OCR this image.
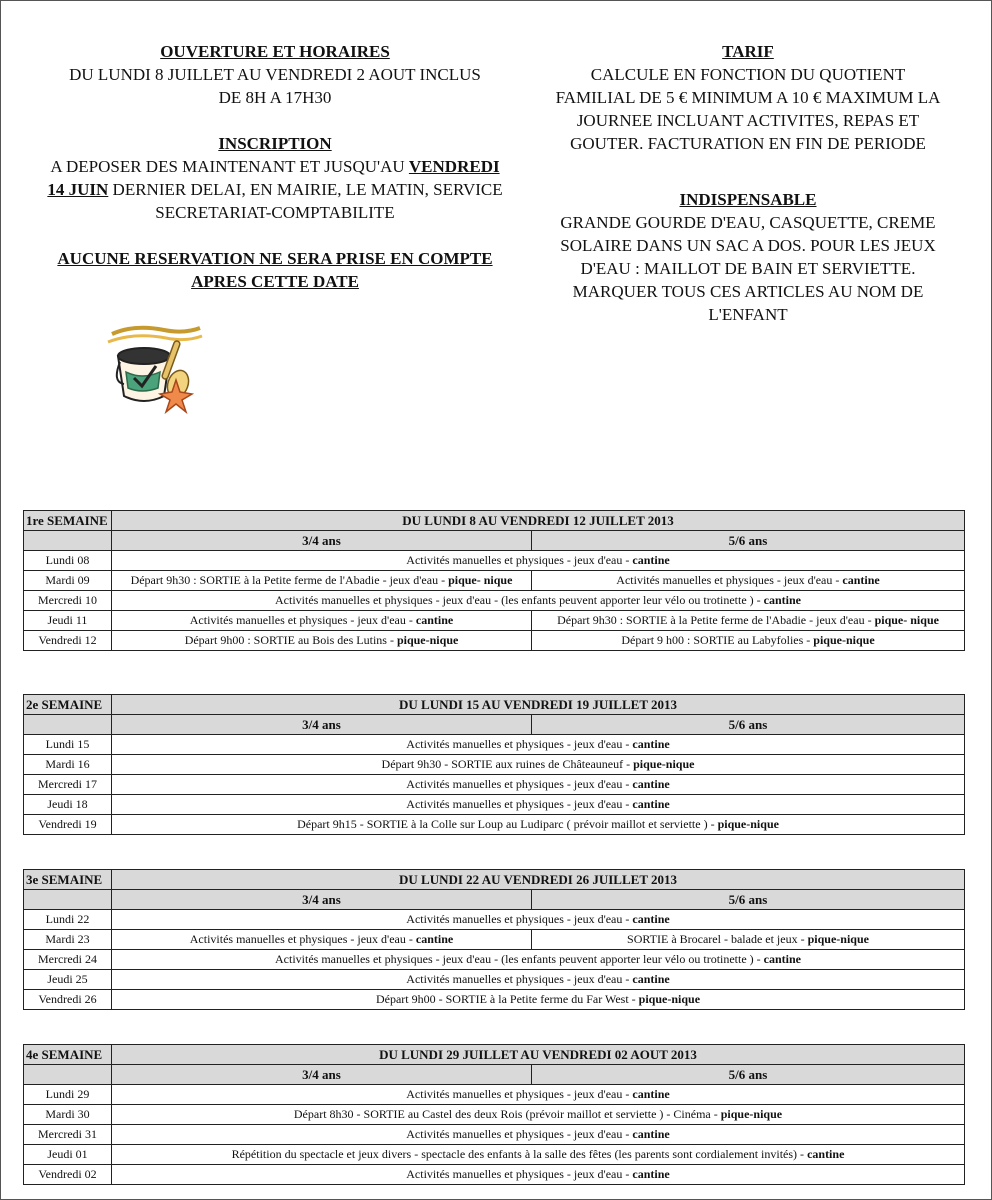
OUVERTURE ET HORAIRES
DU LUNDI 8 JUILLET AU VENDREDI 2 AOUT INCLUS
DE 8H A 17H30
INSCRIPTION
A DEPOSER DES MAINTENANT ET JUSQU'AU VENDREDI
14 JUIN DERNIER DELAI, EN MAIRIE, LE MATIN, SERVICE
SECRETARIAT-COMPTABILITE
AUCUNE RESERVATION NE SERA PRISE EN COMPTE
APRES CETTE DATE
TARIF
CALCULE EN FONCTION DU QUOTIENT
FAMILIAL DE 5 € MINIMUM A 10 € MAXIMUM LA
JOURNEE INCLUANT ACTIVITES, REPAS ET
GOUTER. FACTURATION EN FIN DE PERIODE
INDISPENSABLE
GRANDE GOURDE D'EAU, CASQUETTE, CREME
SOLAIRE DANS UN SAC A DOS. POUR LES JEUX
D'EAU : MAILLOT DE BAIN ET SERVIETTE.
MARQUER TOUS CES ARTICLES AU NOM DE
L'ENFANT
1re SEMAINE	DU LUNDI 8 AU VENDREDI 12 JUILLET 2013	
	3/4 ans	5/6 ans
Lundi 08	Activités manuelles et physiques - jeux d'eau - cantine	
Mardi 09	Départ 9h30 : SORTIE à la Petite ferme de l'Abadie - jeux d'eau - pique- nique	Activités manuelles et physiques - jeux d'eau - cantine
Mercredi 10	Activités manuelles et physiques - jeux d'eau - (les enfants peuvent apporter leur vélo ou trotinette ) - cantine	
Jeudi 11	Activités manuelles et physiques - jeux d'eau - cantine	Départ 9h30 : SORTIE à la Petite ferme de l'Abadie - jeux d'eau - pique- nique
Vendredi 12	Départ 9h00 : SORTIE au Bois des Lutins - pique-nique	Départ 9 h00 : SORTIE au Labyfolies - pique-nique
2e SEMAINE	DU LUNDI 15 AU VENDREDI 19 JUILLET 2013	
	3/4 ans	5/6 ans
Lundi 15	Activités manuelles et physiques - jeux d'eau - cantine	
Mardi 16	Départ 9h30 - SORTIE aux ruines de Châteauneuf - pique-nique	
Mercredi 17	Activités manuelles et physiques - jeux d'eau - cantine	
Jeudi 18	Activités manuelles et physiques - jeux d'eau - cantine	
Vendredi 19	Départ 9h15 - SORTIE à la Colle sur Loup au Ludiparc ( prévoir maillot et serviette ) - pique-nique	
3e SEMAINE	DU LUNDI 22 AU VENDREDI 26 JUILLET 2013	
	3/4 ans	5/6 ans
Lundi 22	Activités manuelles et physiques - jeux d'eau - cantine	
Mardi 23	Activités manuelles et physiques - jeux d'eau - cantine	SORTIE à Brocarel - balade et jeux - pique-nique
Mercredi 24	Activités manuelles et physiques - jeux d'eau - (les enfants peuvent apporter leur vélo ou trotinette ) - cantine	
Jeudi 25	Activités manuelles et physiques - jeux d'eau - cantine	
Vendredi 26	Départ 9h00 - SORTIE à la Petite ferme du Far West - pique-nique	
4e SEMAINE	DU LUNDI 29 JUILLET AU VENDREDI 02 AOUT 2013	
	3/4 ans	5/6 ans
Lundi 29	Activités manuelles et physiques - jeux d'eau - cantine	
Mardi 30	Départ 8h30 - SORTIE au Castel des deux Rois (prévoir maillot et serviette ) - Cinéma - pique-nique	
Mercredi 31	Activités manuelles et physiques - jeux d'eau - cantine	
Jeudi 01	Répétition du spectacle et jeux divers - spectacle des enfants à la salle des fêtes (les parents sont cordialement invités) - cantine	
Vendredi 02	Activités manuelles et physiques - jeux d'eau - cantine	
